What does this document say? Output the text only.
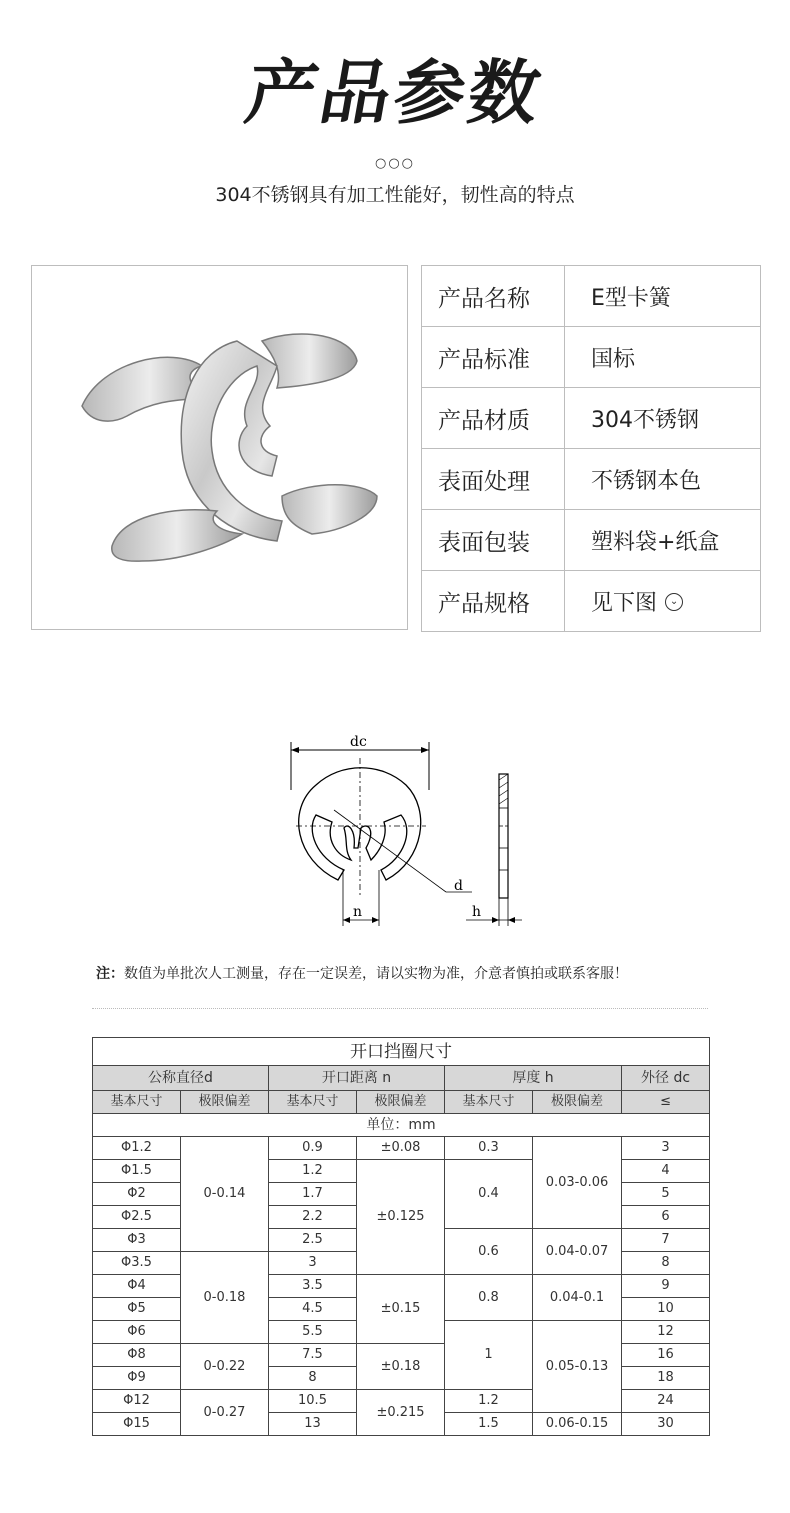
产品参数
○○○
304不锈钢具有加工性能好，韧性高的特点
产品名称	E型卡簧
产品标准	国标
产品材质	304不锈钢
表面处理	不锈钢本色
表面包装	塑料袋+纸盒
产品规格	见下图 ⌄
dc
d
n	h
注：数值为单批次人工测量，存在一定误差，请以实物为准，介意者慎拍或联系客服！
开口挡圈尺寸						
公称直径d		开口距离 n		厚度 h		外径 dc
基本尺寸	极限偏差	基本尺寸	极限偏差	基本尺寸	极限偏差	≤
单位：mm						
Φ1.2	0-0.14	0.9	±0.08	0.3	0.03-0.06	3
Φ1.5		1.2	±0.125	0.4		4
Φ2		1.7				5
Φ2.5		2.2				6
Φ3		2.5		0.6	0.04-0.07	7
Φ3.5	0-0.18	3				8
Φ4		3.5	±0.15	0.8	0.04-0.1	9
Φ5		4.5				10
Φ6		5.5		1	0.05-0.13	12
Φ8	0-0.22	7.5	±0.18			16
Φ9		8				18
Φ12	0-0.27	10.5	±0.215	1.2		24
Φ15		13		1.5	0.06-0.15	30
